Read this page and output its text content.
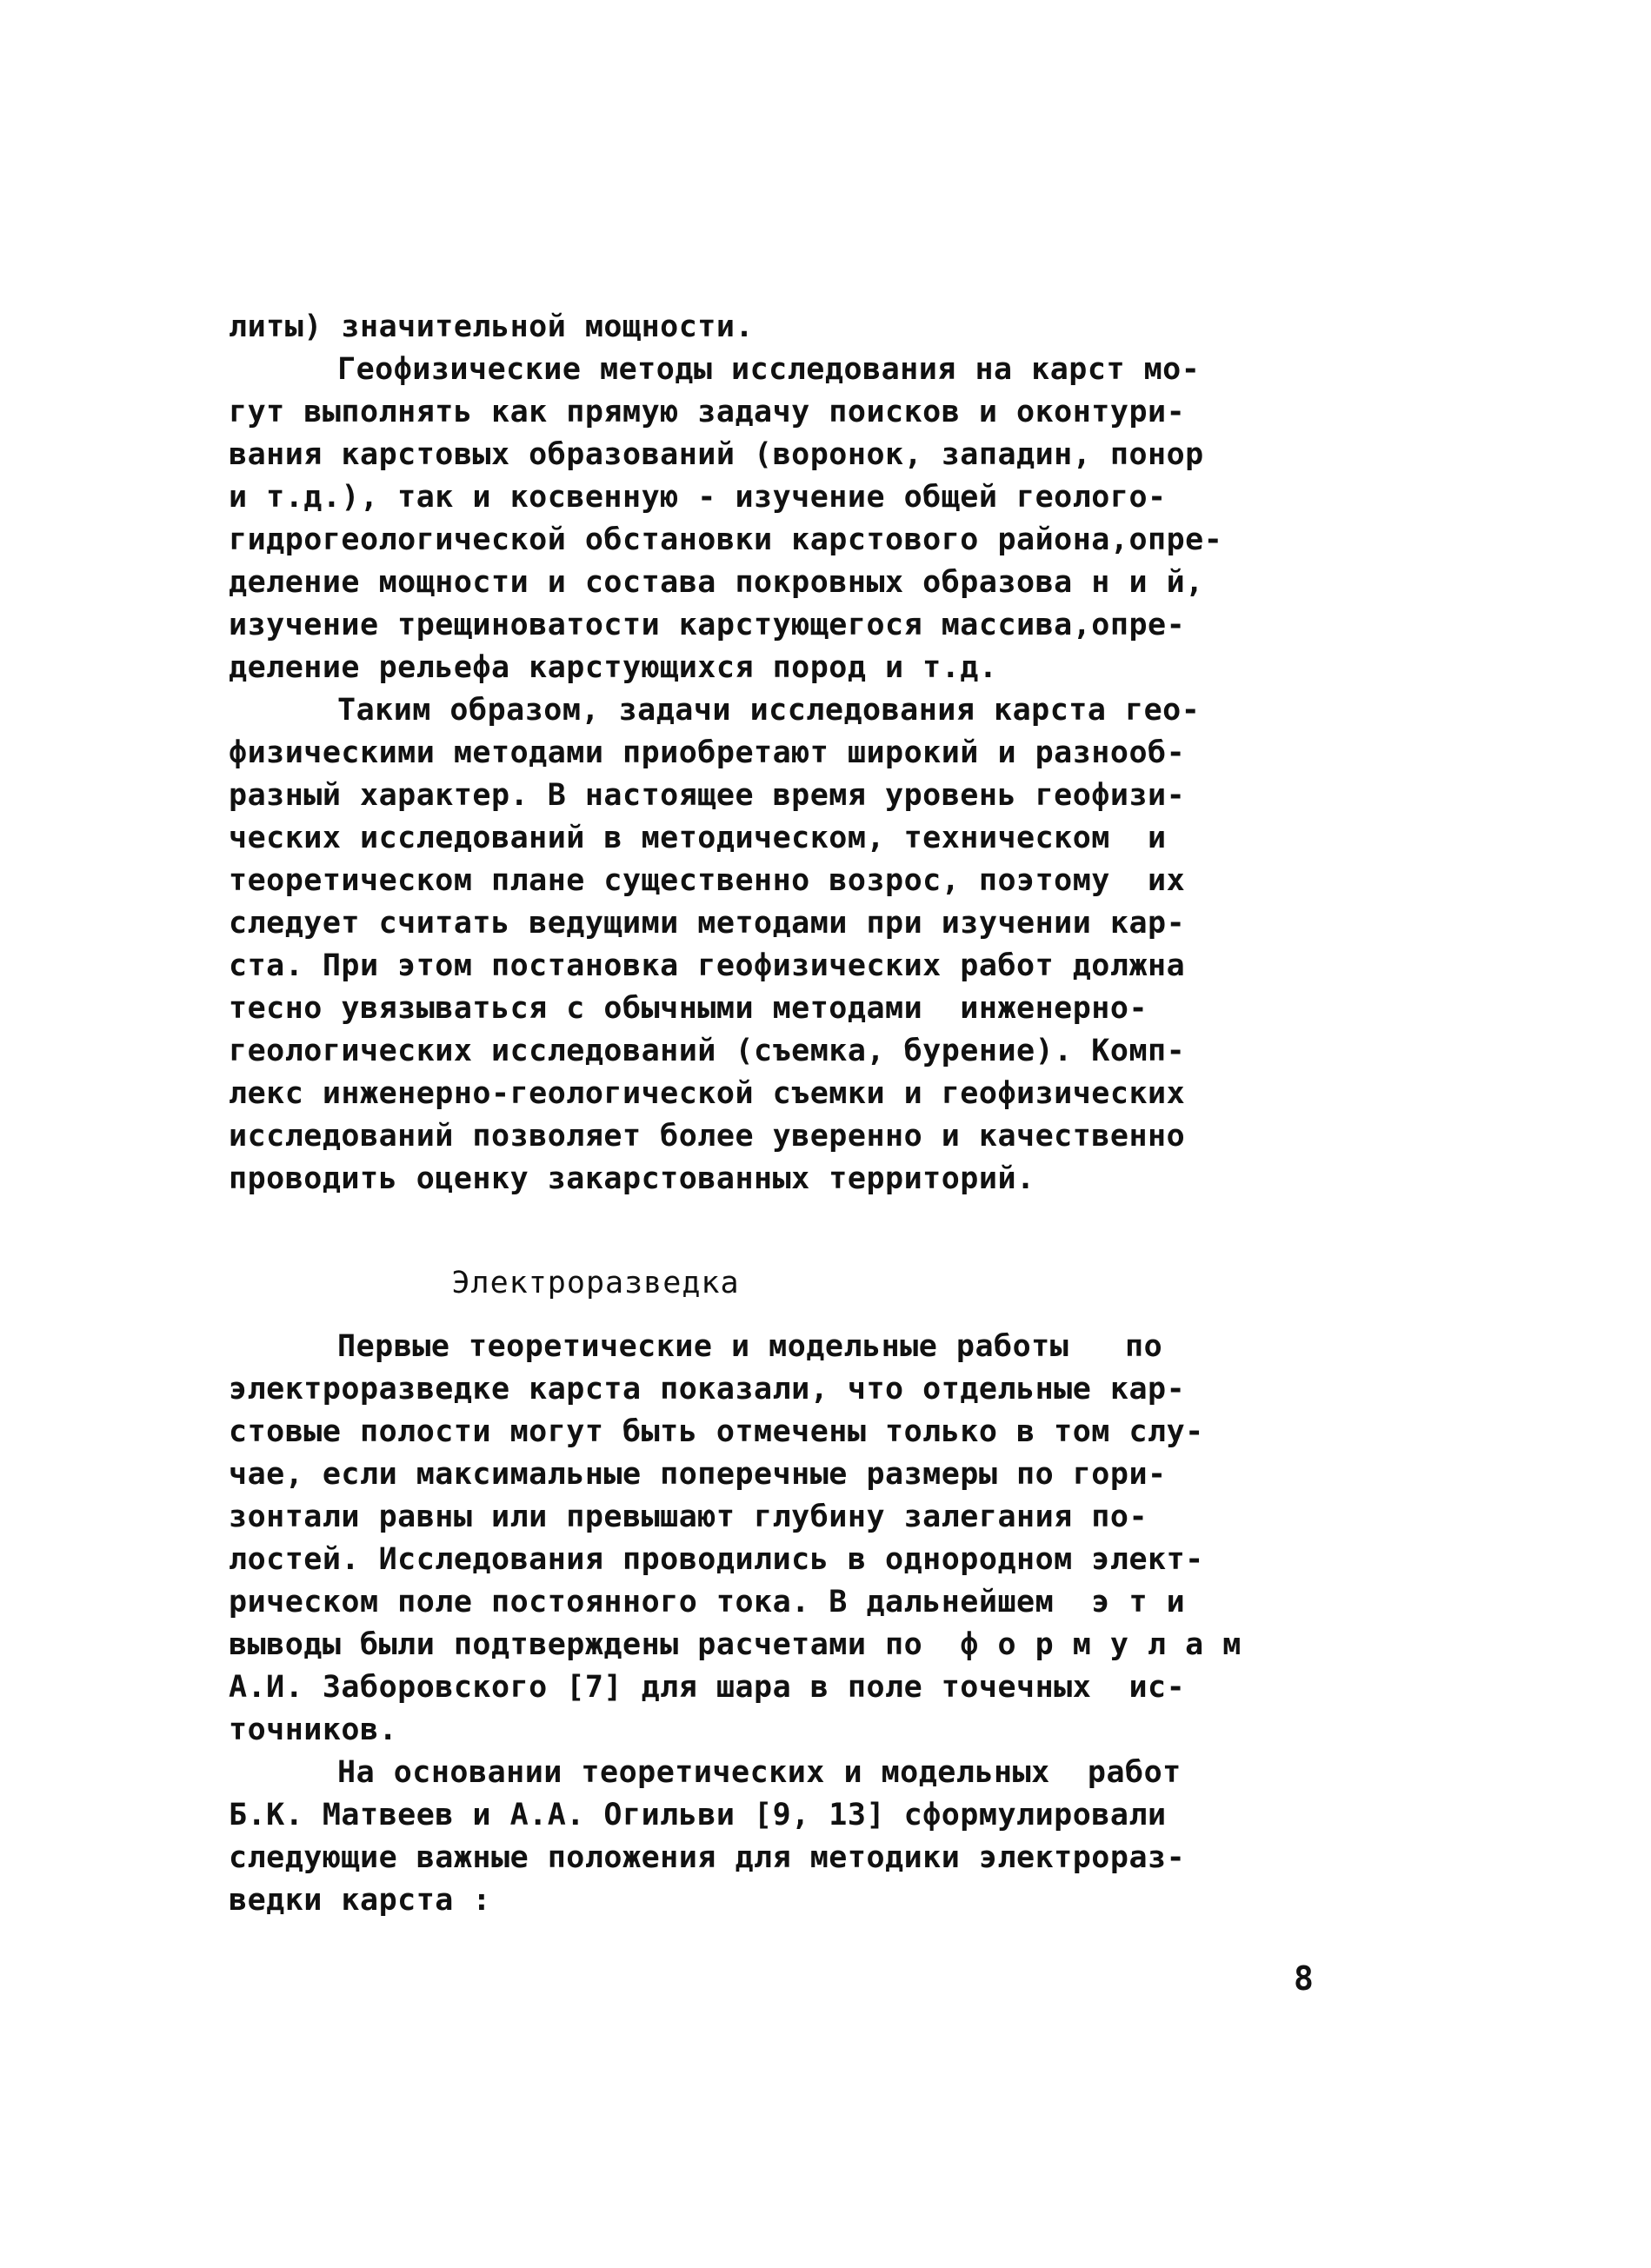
литы) значительной мощности.
Геофизические методы исследования на карст мо-
гут выполнять как прямую задачу поисков и оконтури-
вания карстовых образований (воронок, западин, понор
и т.д.), так и косвенную - изучение общей геолого-
гидрогеологической обстановки карстового района,опре-
деление мощности и состава покровных образова н и й,
изучение трещиноватости карстующегося массива,опре-
деление рельефа карстующихся пород и т.д.
Таким образом, задачи исследования карста гео-
физическими методами приобретают широкий и разнооб-
разный характер. В настоящее время уровень геофизи-
ческих исследований в методическом, техническом  и
теоретическом плане существенно возрос, поэтому  их
следует считать ведущими методами при изучении кар-
ста. При этом постановка геофизических работ должна
тесно увязываться с обычными методами  инженерно-
геологических исследований (съемка, бурение). Комп-
лекс инженерно-геологической съемки и геофизических
исследований позволяет более уверенно и качественно
проводить оценку закарстованных территорий.
Электроразведка
Первые теоретические и модельные работы   по
электроразведке карста показали, что отдельные кар-
стовые полости могут быть отмечены только в том слу-
чае, если максимальные поперечные размеры по гори-
зонтали равны или превышают глубину залегания по-
лостей. Исследования проводились в однородном элект-
рическом поле постоянного тока. В дальнейшем  э т и
выводы были подтверждены расчетами по  ф о р м у л а м
А.И. Заборовского [7] для шара в поле точечных  ис-
точников.
На основании теоретических и модельных  работ
Б.К. Матвеев и А.А. Огильви [9, 13] сформулировали
следующие важные положения для методики электрораз-
ведки карста :
8
